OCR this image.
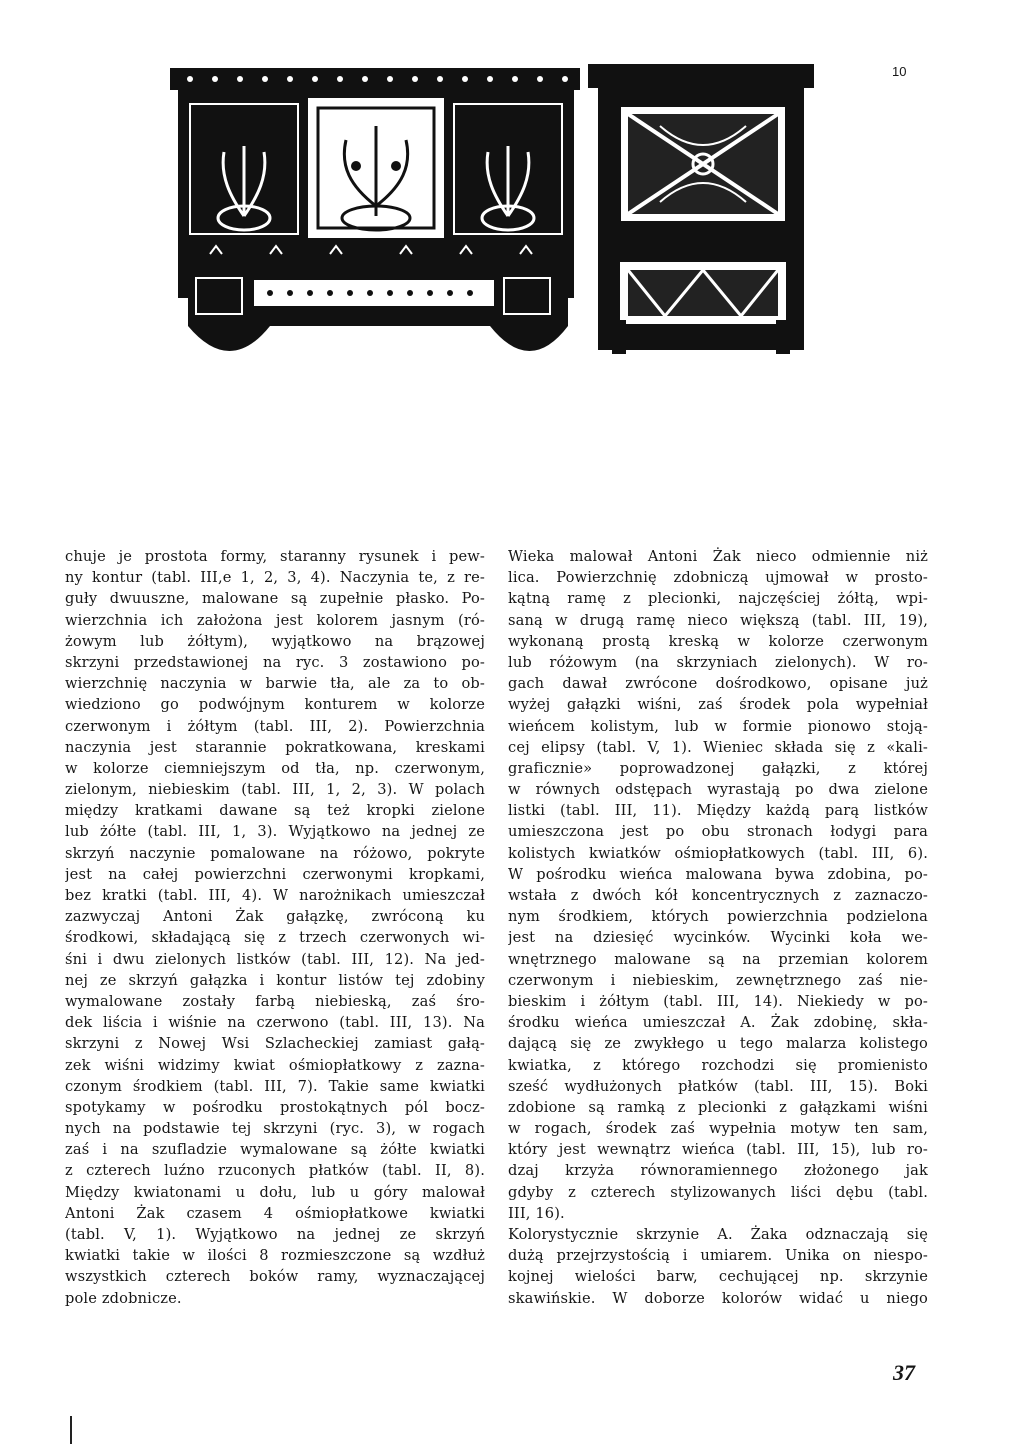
10
chuje je prostota formy, staranny rysunek i pew-
ny kontur (tabl. III,e 1, 2, 3, 4). Naczynia te, z re-
guły dwuuszne, malowane są zupełnie płasko. Po-
wierzchnia ich założona jest kolorem jasnym (ró-
żowym lub żółtym), wyjątkowo na brązowej
skrzyni przedstawionej na ryc. 3 zostawiono po-
wierzchnię naczynia w barwie tła, ale za to ob-
wiedziono go podwójnym konturem w kolorze
czerwonym i żółtym (tabl. III, 2). Powierzchnia
naczynia jest starannie pokratkowana, kreskami
w kolorze ciemniejszym od tła, np. czerwonym,
zielonym, niebieskim (tabl. III, 1, 2, 3). W polach
między kratkami dawane są też kropki zielone
lub żółte (tabl. III, 1, 3). Wyjątkowo na jednej ze
skrzyń naczynie pomalowane na różowo, pokryte
jest na całej powierzchni czerwonymi kropkami,
bez kratki (tabl. III, 4). W narożnikach umieszczał
zazwyczaj Antoni Żak gałązkę, zwróconą ku
środkowi, składającą się z trzech czerwonych wi-
śni i dwu zielonych listków (tabl. III, 12). Na jed-
nej ze skrzyń gałązka i kontur listów tej zdobiny
wymalowane zostały farbą niebieską, zaś śro-
dek liścia i wiśnie na czerwono (tabl. III, 13). Na
skrzyni z Nowej Wsi Szlacheckiej zamiast gałą-
zek wiśni widzimy kwiat ośmiopłatkowy z zazna-
czonym środkiem (tabl. III, 7). Takie same kwiatki
spotykamy w pośrodku prostokątnych pól bocz-
nych na podstawie tej skrzyni (ryc. 3), w rogach
zaś i na szufladzie wymalowane są żółte kwiatki
z czterech luźno rzuconych płatków (tabl. II, 8).
Między kwiatonami u dołu, lub u góry malował
Antoni Żak czasem 4 ośmiopłatkowe kwiatki
(tabl. V, 1). Wyjątkowo na jednej ze skrzyń
kwiatki takie w ilości 8 rozmieszczone są wzdłuż
wszystkich czterech boków ramy, wyznaczającej
pole zdobnicze.
Wieka malował Antoni Żak nieco odmiennie niż
lica. Powierzchnię zdobniczą ujmował w prosto-
kątną ramę z plecionki, najczęściej żółtą, wpi-
saną w drugą ramę nieco większą (tabl. III, 19),
wykonaną prostą kreską w kolorze czerwonym
lub różowym (na skrzyniach zielonych). W ro-
gach dawał zwrócone dośrodkowo, opisane już
wyżej gałązki wiśni, zaś środek pola wypełniał
wieńcem kolistym, lub w formie pionowo stoją-
cej elipsy (tabl. V, 1). Wieniec składa się z «kali-
graficznie» poprowadzonej gałązki, z której
w równych odstępach wyrastają po dwa zielone
listki (tabl. III, 11). Między każdą parą listków
umieszczona jest po obu stronach łodygi para
kolistych kwiatków ośmiopłatkowych (tabl. III, 6).
W pośrodku wieńca malowana bywa zdobina, po-
wstała z dwóch kół koncentrycznych z zaznaczo-
nym środkiem, których powierzchnia podzielona
jest na dziesięć wycinków. Wycinki koła we-
wnętrznego malowane są na przemian kolorem
czerwonym i niebieskim, zewnętrznego zaś nie-
bieskim i żółtym (tabl. III, 14). Niekiedy w po-
środku wieńca umieszczał A. Żak zdobinę, skła-
dającą się ze zwykłego u tego malarza kolistego
kwiatka, z którego rozchodzi się promienisto
sześć wydłużonych płatków (tabl. III, 15). Boki
zdobione są ramką z plecionki z gałązkami wiśni
w rogach, środek zaś wypełnia motyw ten sam,
który jest wewnątrz wieńca (tabl. III, 15), lub ro-
dzaj krzyża równoramiennego złożonego jak
gdyby z czterech stylizowanych liści dębu (tabl.
III, 16).
Kolorystycznie skrzynie A. Żaka odznaczają się
dużą przejrzystością i umiarem. Unika on niespo-
kojnej wielości barw, cechującej np. skrzynie
skawińskie. W doborze kolorów widać u niego
37
